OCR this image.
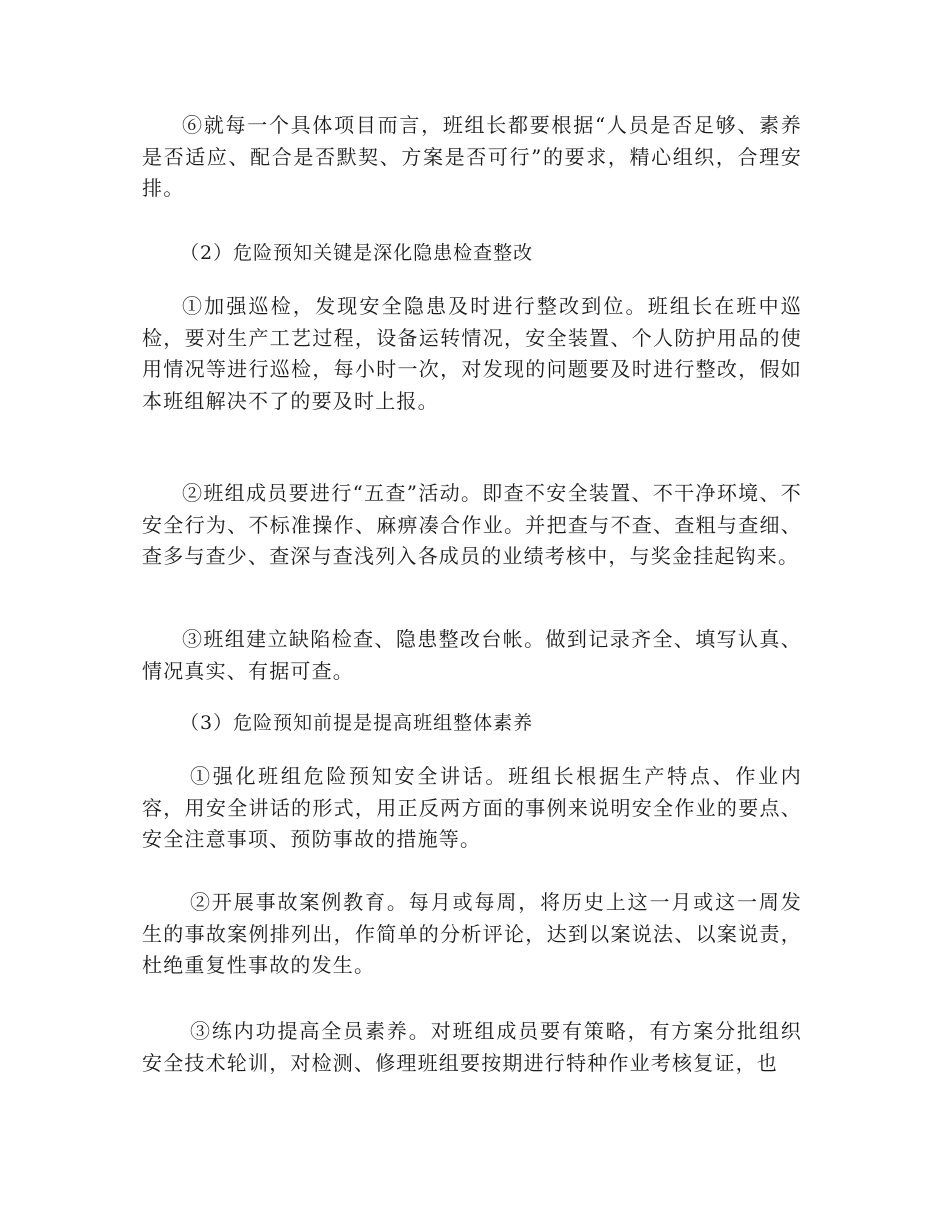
⑥就每一个具体项目而言，班组长都要根据“人员是否足够、素养是否适应、配合是否默契、方案是否可行”的要求，精心组织，合理安排。

（2）危险预知关键是深化隐患检查整改

①加强巡检，发现安全隐患及时进行整改到位。班组长在班中巡检，要对生产工艺过程，设备运转情况，安全装置、个人防护用品的使用情况等进行巡检，每小时一次，对发现的问题要及时进行整改，假如本班组解决不了的要及时上报。

②班组成员要进行“五查”活动。即查不安全装置、不干净环境、不安全行为、不标准操作、麻痹凑合作业。并把查与不查、查粗与查细、查多与查少、查深与查浅列入各成员的业绩考核中，与奖金挂起钩来。

③班组建立缺陷检查、隐患整改台帐。做到记录齐全、填写认真、情况真实、有据可查。

（3）危险预知前提是提高班组整体素养

①强化班组危险预知安全讲话。班组长根据生产特点、作业内容，用安全讲话的形式，用正反两方面的事例来说明安全作业的要点、安全注意事项、预防事故的措施等。

②开展事故案例教育。每月或每周，将历史上这一月或这一周发生的事故案例排列出，作简单的分析评论，达到以案说法、以案说责，杜绝重复性事故的发生。

③练内功提高全员素养。对班组成员要有策略，有方案分批组织安全技术轮训，对检测、修理班组要按期进行特种作业考核复证，也
